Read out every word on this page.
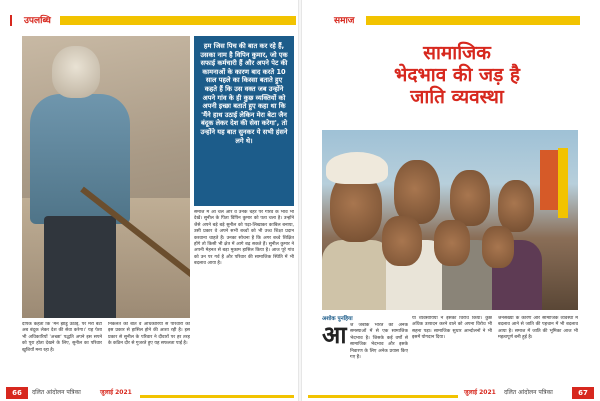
उपलब्धि
हम जिस पिच की बात कर रहे हैं, उसका नाम है विपिन कुमार, जो एक सफाई कर्मचारी हैं और अपने पेट की कामनाओं के कारण बाद करते 10 साल पहले का किस्सा बताते हुए कहते हैं कि उस वक्त जब उन्होंने अपने गांव के ही कुछ व्यक्तियों को अपनी इच्छा बताते हुए कहा था कि 'मैंने हाथ उठाई लेकिन मेरा बेटा जैन बंदूक लेकर देश की सेवा करेगा', तो उन्होंने यह बात सुनकर ये सभी हंसने लगे थे।

समाज में आ चले और वे उनके चेहरे पर गौरव के भाव भी देखें। सुनील के पिता विपिन कुमार को पता चला है। उन्होंने जैसे अपने बड़े बड़े सुनील को पढ़ा-लिखाकर काबिल बनाया, उसी प्रकार वे अपने सभी बच्चों को भी उच्च शिक्षा प्रदान करवाना चाहते हैं। उनका सोचना है कि अगर बच्चे शिक्षित होंगे तो किसी भी क्षेत्र में आगे बढ़ सकते हैं। सुनील कुमार ने अपनी मेहनत से बड़ा मुकाम हासिल किया है। आज पूरे गांव को उन पर गर्व है और परिवार की सामाजिक स्थिति में भी बदलाव आया है।

दीपक कहता कि 'मैंने झाडू उठाई, पर मेरा बेटा अब बंदूक लेकर देश की सेवा करेगा।' यह पेशा भी अधिकारियों 'अच्छा' पद्धति अपने इस सपने को पूरा होता देखने के लिए, सुनील का परिवार खुशियाँ मना रहा है।

निकलते की बात वे अधिकारियों से परिवारों को इस प्रकार से हासिल होने की आशा रही है। इस प्रकार से सुनील के परिवार ने दीवारों पर हर तरह के कठिन दौर से गुजरते हुए यह सफलता पाई है।

66	दलित आंदोलन पत्रिका	जुलाई 2021
समाज
सामाजिक
भेदभाव की जड़ है
जाति व्यवस्था
अशोक पुनहिया
आ ज जबकि भारत की अनेक समस्याओं में से एक सामाजिक भेदभाव है। जिसके कई वर्षों से सामाजिक भेदभाव और इसके निवारण के लिए अनेक प्रयास किए गए हैं।

या व्यवसायियों ने इसका विरोध किया। कुछ अधिक उत्पादन करने वाले को अपना विरोध भी सहना पड़ा। सामाजिक सुधार आन्दोलनों ने भी इसमें योगदान दिया।

जनसंख्या के कारण और सामाजिक व्यवस्था में बदलाव आने से जाति की पहचान में भी बदलाव आया है। समाज में जाति की भूमिका आज भी महत्वपूर्ण बनी हुई है।

जुलाई 2021 दलित आंदोलन पत्रिका	67
